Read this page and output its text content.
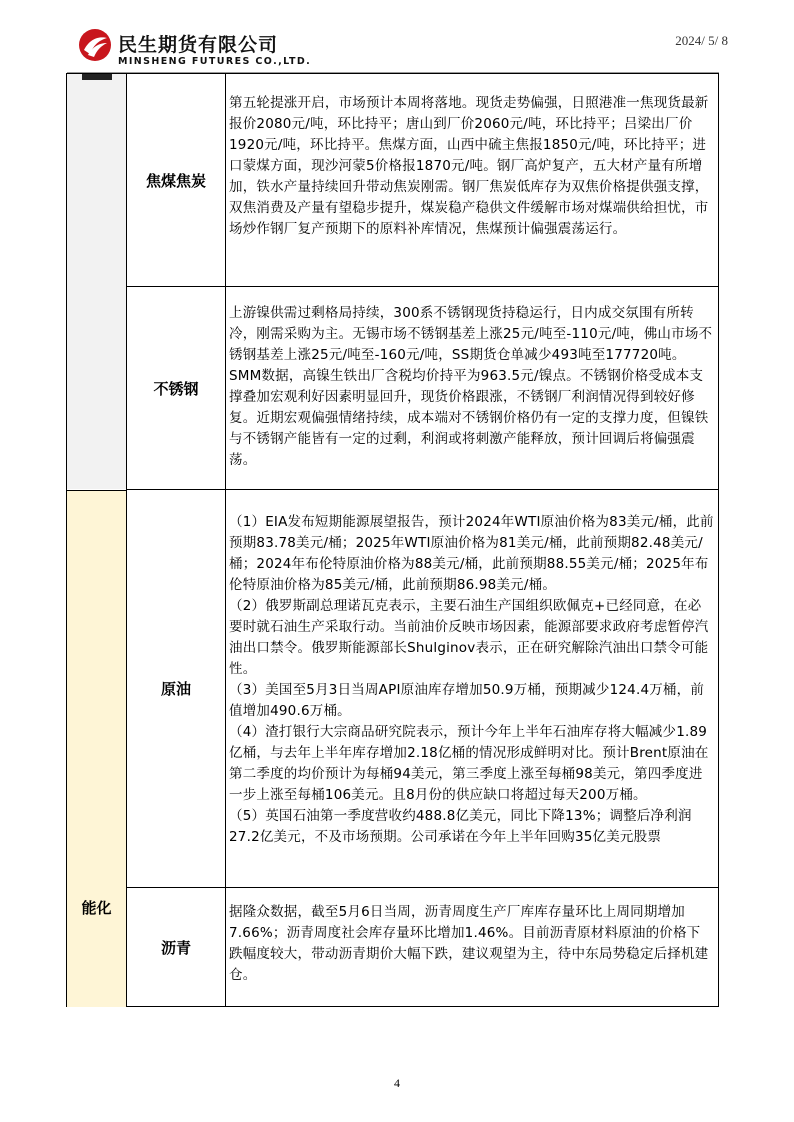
民生期货有限公司
MINSHENG FUTURES CO.,LTD.
2024/ 5/ 8
能化
焦煤焦炭

第五轮提涨开启，市场预计本周将落地。现货走势偏强，日照港准一焦现货最新报价2080元/吨，环比持平；唐山到厂价2060元/吨，环比持平；吕梁出厂价1920元/吨，环比持平。焦煤方面，山西中硫主焦报1850元/吨，环比持平；进口蒙煤方面，现沙河蒙5价格报1870元/吨。钢厂高炉复产，五大材产量有所增加，铁水产量持续回升带动焦炭刚需。钢厂焦炭低库存为双焦价格提供强支撑，双焦消费及产量有望稳步提升，煤炭稳产稳供文件缓解市场对煤端供给担忧，市场炒作钢厂复产预期下的原料补库情况，焦煤预计偏强震荡运行。

不锈钢

上游镍供需过剩格局持续，300系不锈钢现货持稳运行，日内成交氛围有所转冷，刚需采购为主。无锡市场不锈钢基差上涨25元/吨至-110元/吨，佛山市场不锈钢基差上涨25元/吨至-160元/吨，SS期货仓单减少493吨至177720吨。SMM数据，高镍生铁出厂含税均价持平为963.5元/镍点。不锈钢价格受成本支撑叠加宏观利好因素明显回升，现货价格跟涨，不锈钢厂利润情况得到较好修复。近期宏观偏强情绪持续，成本端对不锈钢价格仍有一定的支撑力度，但镍铁与不锈钢产能皆有一定的过剩，利润或将刺激产能释放，预计回调后将偏强震荡。

原油

（1）EIA发布短期能源展望报告，预计2024年WTI原油价格为83美元/桶，此前预期83.78美元/桶；2025年WTI原油价格为81美元/桶，此前预期82.48美元/桶；2024年布伦特原油价格为88美元/桶，此前预期88.55美元/桶；2025年布伦特原油价格为85美元/桶，此前预期86.98美元/桶。

（2）俄罗斯副总理诺瓦克表示，主要石油生产国组织欧佩克+已经同意，在必要时就石油生产采取行动。当前油价反映市场因素，能源部要求政府考虑暂停汽油出口禁令。俄罗斯能源部长Shulginov表示，正在研究解除汽油出口禁令可能性。

（3）美国至5月3日当周API原油库存增加50.9万桶，预期减少124.4万桶，前值增加490.6万桶。

（4）渣打银行大宗商品研究院表示，预计今年上半年石油库存将大幅减少1.89亿桶，与去年上半年库存增加2.18亿桶的情况形成鲜明对比。预计Brent原油在第二季度的均价预计为每桶94美元，第三季度上涨至每桶98美元，第四季度进一步上涨至每桶106美元。且8月份的供应缺口将超过每天200万桶。

（5）英国石油第一季度营收约488.8亿美元，同比下降13%；调整后净利润27.2亿美元，不及市场预期。公司承诺在今年上半年回购35亿美元股票

沥青

据隆众数据，截至5月6日当周，沥青周度生产厂库库存量环比上周同期增加7.66%；沥青周度社会库存量环比增加1.46%。目前沥青原材料原油的价格下跌幅度较大，带动沥青期价大幅下跌，建议观望为主，待中东局势稳定后择机建仓。

4
